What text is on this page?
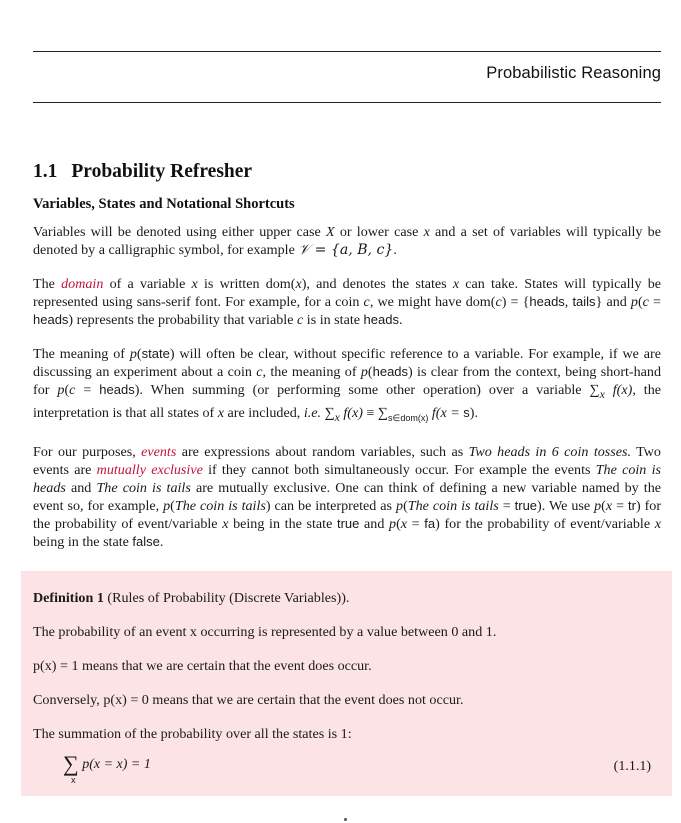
Probabilistic Reasoning
1.1 Probability Refresher
Variables, States and Notational Shortcuts

Variables will be denoted using either upper case X or lower case x and a set of variables will typically be denoted by a calligraphic symbol, for example 𝒱 = {a, B, c}.

The domain of a variable x is written dom(x), and denotes the states x can take. States will typically be represented using sans-serif font. For example, for a coin c, we might have dom(c) = {heads, tails} and p(c = heads) represents the probability that variable c is in state heads.

The meaning of p(state) will often be clear, without specific reference to a variable. For example, if we are discussing an experiment about a coin c, the meaning of p(heads) is clear from the context, being short-hand for p(c = heads). When summing (or performing some other operation) over a variable $\sum_x$ f(x), the interpretation is that all states of x are included, i.e. $\sum_x$ $f(x) \equiv \sum_{s\in dom(x)}$ f(x = s).

For our purposes, events are expressions about random variables, such as Two heads in 6 coin tosses. Two events are mutually exclusive if they cannot both simultaneously occur. For example the events The coin is heads and The coin is tails are mutually exclusive. One can think of defining a new variable named by the event so, for example, p(The coin is tails) can be interpreted as p(The coin is tails = true). We use p(x = tr) for the probability of event/variable x being in the state true and p(x = fa) for the probability of event/variable x being in the state false.

Definition 1 (Rules of Probability (Discrete Variables)).

The probability of an event x occurring is represented by a value between 0 and 1.

p(x) = 1 means that we are certain that the event does occur.

Conversely, p(x) = 0 means that we are certain that the event does not occur.

The summation of the probability over all the states is 1:

∑ p(x = x) = 1
x
(1.1.1)
